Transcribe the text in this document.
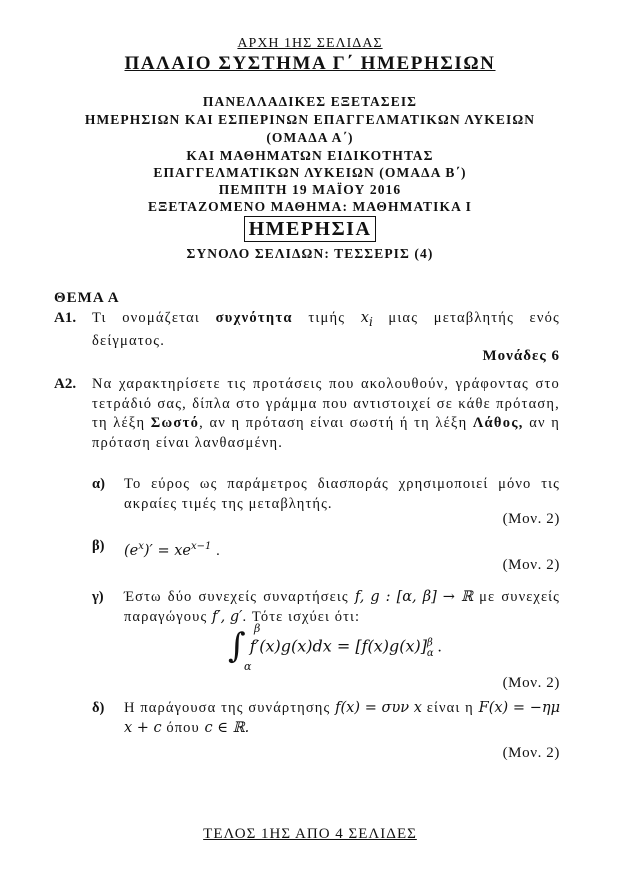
ΑΡΧΗ 1ΗΣ ΣΕΛΙΔΑΣ
ΠΑΛΑΙΟ ΣΥΣΤΗΜΑ Γ΄ ΗΜΕΡΗΣΙΩΝ
ΠΑΝΕΛΛΑΔΙΚΕΣ ΕΞΕΤΑΣΕΙΣ
ΗΜΕΡΗΣΙΩΝ ΚΑΙ ΕΣΠΕΡΙΝΩΝ ΕΠΑΓΓΕΛΜΑΤΙΚΩΝ ΛΥΚΕΙΩΝ
(ΟΜΑΔΑ Α΄)
ΚΑΙ ΜΑΘΗΜΑΤΩΝ ΕΙΔΙΚΟΤΗΤΑΣ
ΕΠΑΓΓΕΛΜΑΤΙΚΩΝ ΛΥΚΕΙΩΝ (ΟΜΑΔΑ Β΄)
ΠΕΜΠΤΗ 19 ΜΑΪΟΥ 2016
ΕΞΕΤΑΖΟΜΕΝΟ ΜΑΘΗΜΑ: ΜΑΘΗΜΑΤΙΚΑ Ι
ΗΜΕΡΗΣΙΑ
ΣΥΝΟΛΟ ΣΕΛΙΔΩΝ: ΤΕΣΣΕΡΙΣ (4)
ΘΕΜΑ Α
Α1. Τι ονομάζεται συχνότητα τιμής $x_i$ μιας μεταβλητής ενός δείγματος.
Μονάδες 6
Α2. Να χαρακτηρίσετε τις προτάσεις που ακολουθούν, γράφοντας στο τετράδιό σας, δίπλα στο γράμμα που αντιστοιχεί σε κάθε πρόταση, τη λέξη Σωστό, αν η πρόταση είναι σωστή ή τη λέξη Λάθος, αν η πρόταση είναι λανθασμένη.
α) Το εύρος ως παράμετρος διασποράς χρησιμοποιεί μόνο τις ακραίες τιμές της μεταβλητής.
(Μον. 2)
β) $(e^x)' = xe^{x-1}$ .
(Μον. 2)
γ) Έστω δύο συνεχείς συναρτήσεις f, g : [α, β] → ℝ με συνεχείς παραγώγους f′, g′. Τότε ισχύει ότι:
β
α
∫ $f'(x)g(x)dx = [f(x)g(x)]^\beta_\alpha$ .
(Μον. 2)
δ) Η παράγουσα της συνάρτησης f(x) = συν x είναι η F(x) = −ημ x + c όπου c ∈ ℝ.
(Μον. 2)
ΤΕΛΟΣ 1ΗΣ ΑΠΟ 4 ΣΕΛΙΔΕΣ
